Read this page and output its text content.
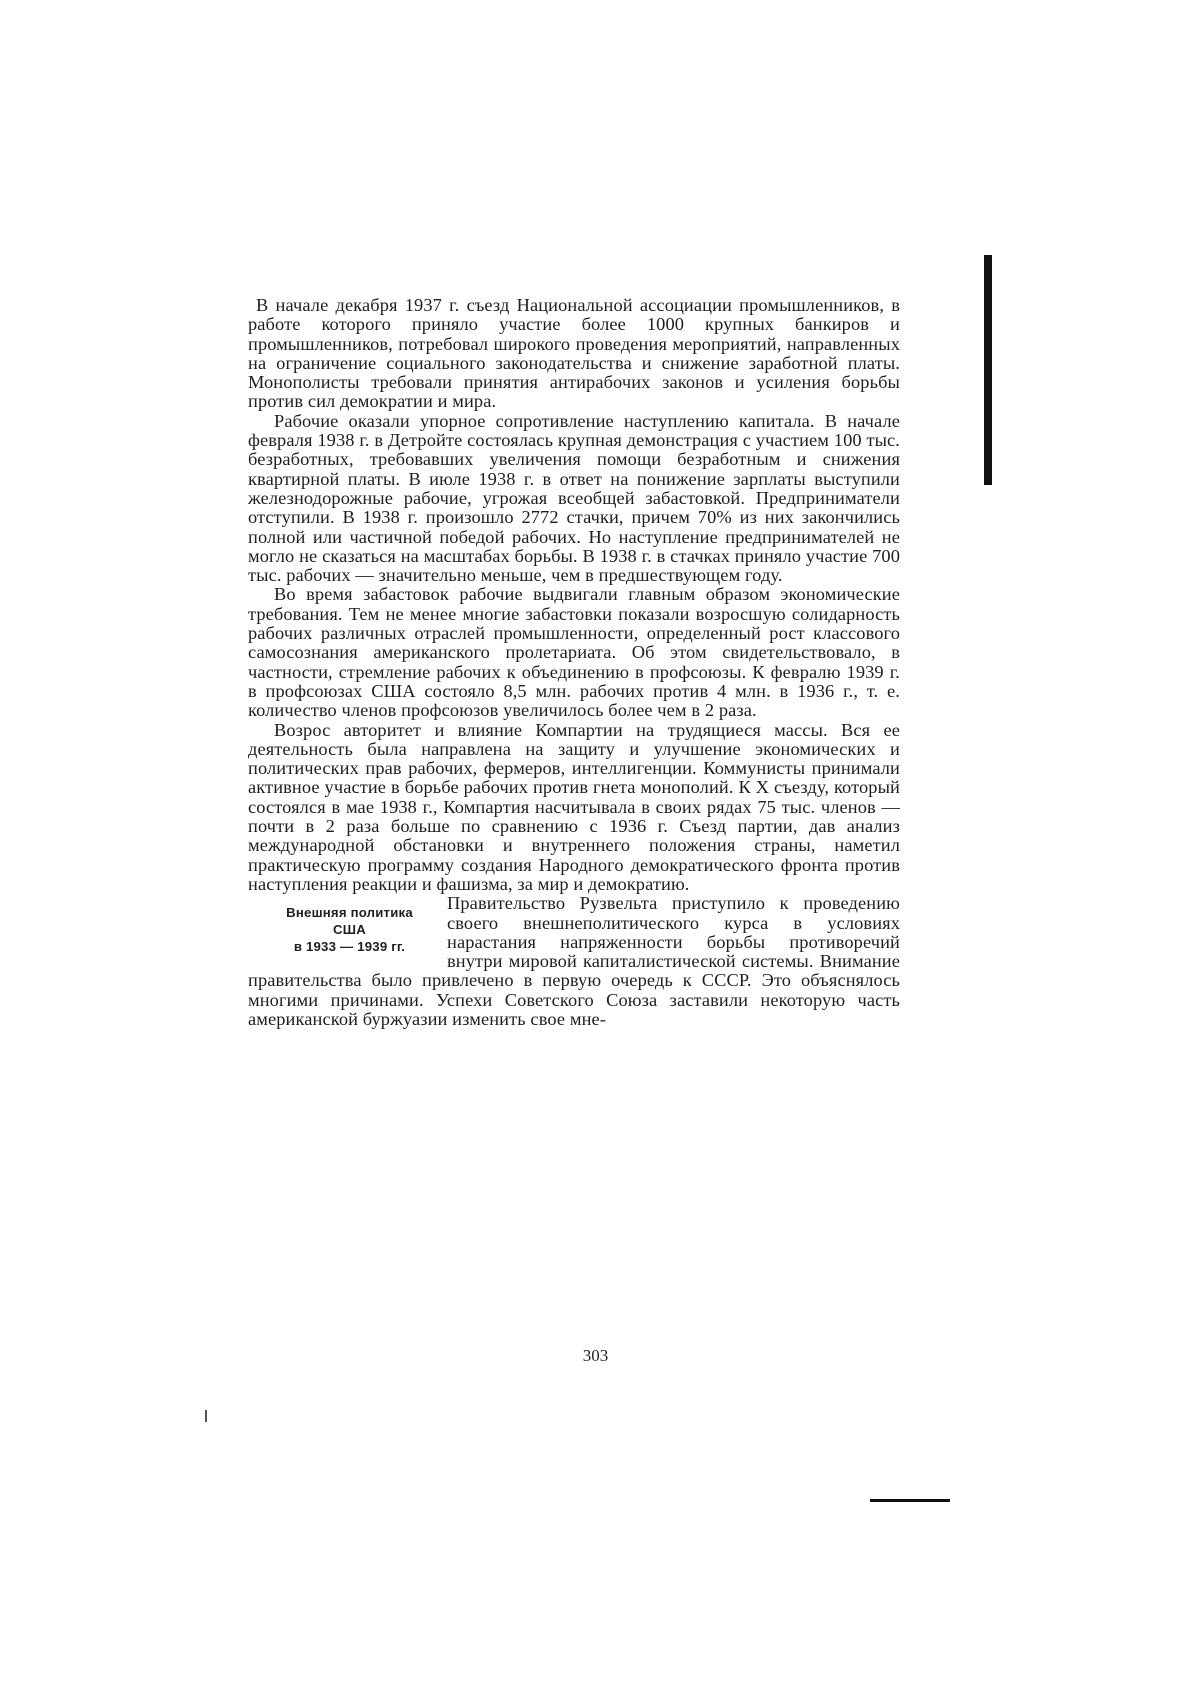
В начале декабря 1937 г. съезд Национальной ассоциации промышленников, в работе которого приняло участие более 1000 крупных банкиров и промышленников, потребовал широкого проведения мероприятий, направленных на ограничение социального законодательства и снижение заработной платы. Монополисты требовали принятия антирабочих законов и усиления борьбы против сил демократии и мира.

Рабочие оказали упорное сопротивление наступлению капитала. В начале февраля 1938 г. в Детройте состоялась крупная демонстрация с участием 100 тыс. безработных, требовавших увеличения помощи безработным и снижения квартирной платы. В июле 1938 г. в ответ на понижение зарплаты выступили железнодорожные рабочие, угрожая всеобщей забастовкой. Предприниматели отступили. В 1938 г. произошло 2772 стачки, причем 70% из них закончились полной или частичной победой рабочих. Но наступление предпринимателей не могло не сказаться на масштабах борьбы. В 1938 г. в стачках приняло участие 700 тыс. рабочих — значительно меньше, чем в предшествующем году.

Во время забастовок рабочие выдвигали главным образом экономические требования. Тем не менее многие забастовки показали возросшую солидарность рабочих различных отраслей промышленности, определенный рост классового самосознания американского пролетариата. Об этом свидетельствовало, в частности, стремление рабочих к объединению в профсоюзы. К февралю 1939 г. в профсоюзах США состояло 8,5 млн. рабочих против 4 млн. в 1936 г., т. е. количество членов профсоюзов увеличилось более чем в 2 раза.

Возрос авторитет и влияние Компартии на трудящиеся массы. Вся ее деятельность была направлена на защиту и улучшение экономических и политических прав рабочих, фермеров, интеллигенции. Коммунисты принимали активное участие в борьбе рабочих против гнета монополий. К X съезду, который состоялся в мае 1938 г., Компартия насчитывала в своих рядах 75 тыс. членов — почти в 2 раза больше по сравнению с 1936 г. Съезд партии, дав анализ международной обстановки и внутреннего положения страны, наметил практическую программу создания Народного демократического фронта против наступления реакции и фашизма, за мир и демократию.

Внешняя политика
США
в 1933 — 1939 гг.

Правительство Рузвельта приступило к проведению своего внешнеполитического курса в условиях нарастания напряженности борьбы противоречий внутри мировой капиталистической системы. Внимание правительства было привлечено в первую очередь к СССР. Это объяснялось многими причинами. Успехи Советского Союза заставили некоторую часть американской буржуазии изменить свое мне-

303
